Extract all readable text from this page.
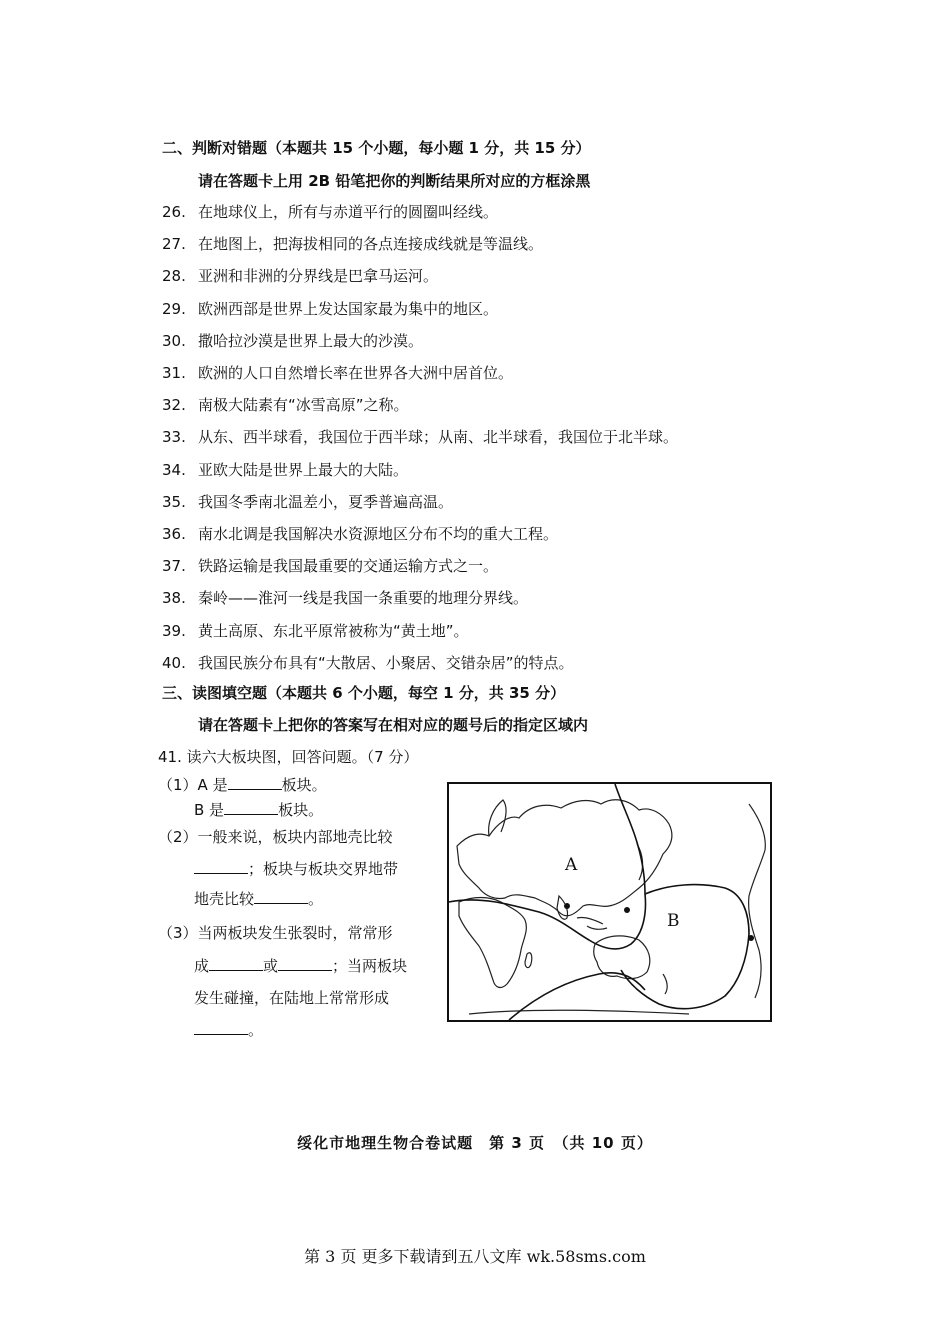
二、判断对错题（本题共 15 个小题，每小题 1 分，共 15 分）
请在答题卡上用 2B 铅笔把你的判断结果所对应的方框涂黑
26. 在地球仪上，所有与赤道平行的圆圈叫经线。
27. 在地图上，把海拔相同的各点连接成线就是等温线。
28. 亚洲和非洲的分界线是巴拿马运河。
29. 欧洲西部是世界上发达国家最为集中的地区。
30. 撒哈拉沙漠是世界上最大的沙漠。
31. 欧洲的人口自然增长率在世界各大洲中居首位。
32. 南极大陆素有“冰雪高原”之称。
33. 从东、西半球看，我国位于西半球；从南、北半球看，我国位于北半球。
34. 亚欧大陆是世界上最大的大陆。
35. 我国冬季南北温差小，夏季普遍高温。
36. 南水北调是我国解决水资源地区分布不均的重大工程。
37. 铁路运输是我国最重要的交通运输方式之一。
38. 秦岭——淮河一线是我国一条重要的地理分界线。
39. 黄土高原、东北平原常被称为“黄土地”。
40. 我国民族分布具有“大散居、小聚居、交错杂居”的特点。
三、读图填空题（本题共 6 个小题，每空 1 分，共 35 分）
请在答题卡上把你的答案写在相对应的题号后的指定区域内
41. 读六大板块图，回答问题。（7 分）
（1）A 是	板块。
B 是	板块。
（2）一般来说，板块内部地壳比较
；板块与板块交界地带
地壳比较	。
（3）当两板块发生张裂时，常常形
成	或	；当两板块
发生碰撞，在陆地上常常形成
。
A
B
绥化市地理生物合卷试题　第 3 页　（共 10 页）
第 3 页 更多下载请到五八文库 wk.58sms.com
